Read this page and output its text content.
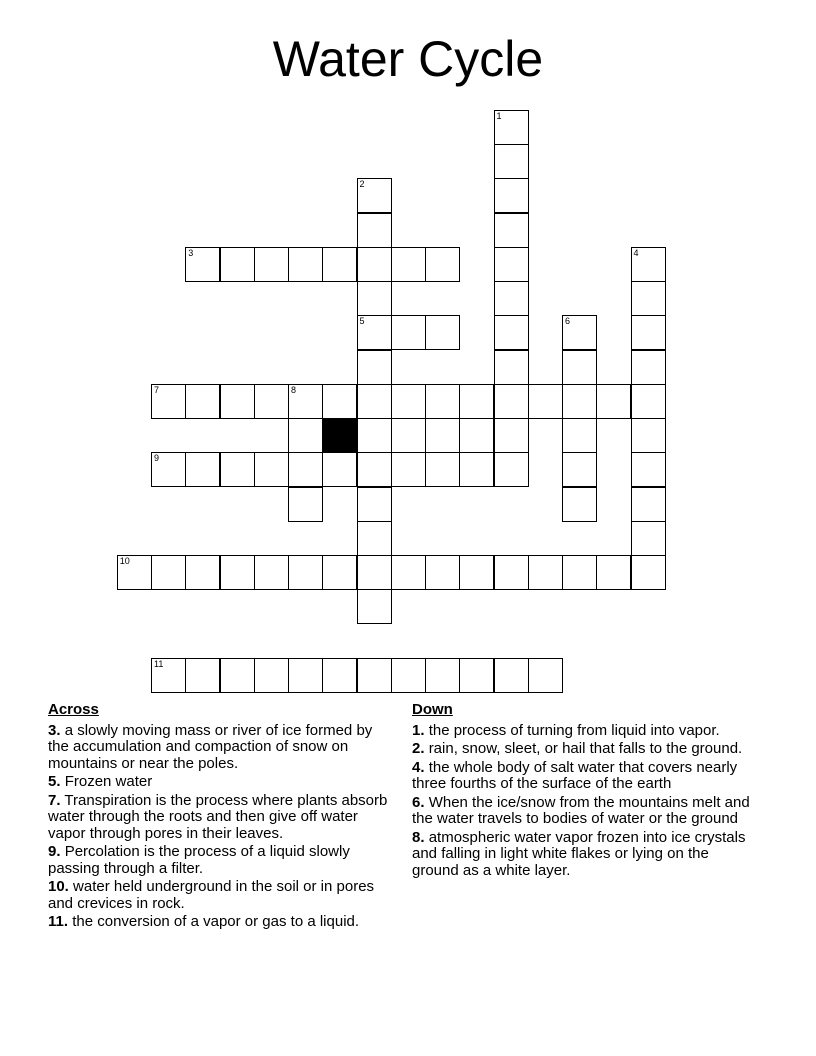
Water Cycle
1
2
5
3	4
6
7	8
9
10
11
Across
3. a slowly moving mass or river of ice formed by the accumulation and compaction of snow on mountains or near the poles.
5. Frozen water
7. Transpiration is the process where plants absorb water through the roots and then give off water vapor through pores in their leaves.
9. Percolation is the process of a liquid slowly passing through a filter.
10. water held underground in the soil or in pores and crevices in rock.
11. the conversion of a vapor or gas to a liquid.
Down
1. the process of turning from liquid into vapor.
2. rain, snow, sleet, or hail that falls to the ground.
4. the whole body of salt water that covers nearly three fourths of the surface of the earth
6. When the ice/snow from the mountains melt and the water travels to bodies of water or the ground
8. atmospheric water vapor frozen into ice crystals and falling in light white flakes or lying on the ground as a white layer.
